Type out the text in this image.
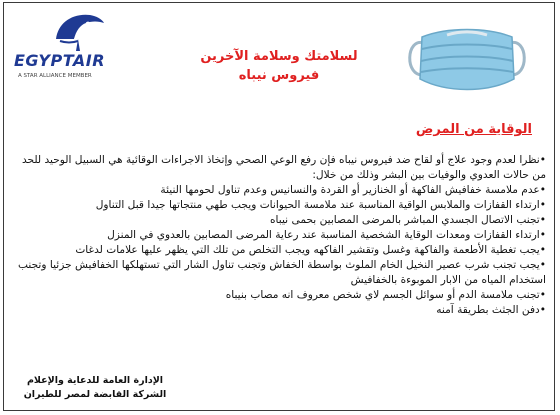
EGYPTAIR
A STAR ALLIANCE MEMBER
لسلامتك وسلامة الآخرين
فيروس نيباه
الوقاية من المرض

•نظرا لعدم وجود علاج أو لقاح ضد فيروس نيباه فإن رفع الوعي الصحي وإتخاذ الاجراءات الوقائية هي السبيل الوحيد للحد من حالات العدوي والوفيات بين البشر وذلك من خلال:

•عدم ملامسة خفافيش الفاكهة أو الخنازير أو القردة والنسانيس وعدم تناول لحومها النيئة

•ارتداء القفازات والملابس الواقية المناسبة عند ملامسة الحيوانات ويجب طهي منتجاتها جيدا قبل التناول

•تجنب الاتصال الجسدي المباشر بالمرضى المصابين بحمى نيباه

•ارتداء القفازات ومعدات الوقاية الشخصية المناسبة عند رعاية المرضى المصابين بالعدوي في المنزل

•يجب تغطية الأطعمة والفاكهة وغسل وتقشير الفاكهه ويجب التخلص من تلك التي يظهر عليها علامات لدغات

•يجب تجنب شرب عصير النخيل الخام الملوث بواسطة الخفاش وتجنب تناول الشار التي تستهلكها الخفافيش جزئيا وتجنب استخدام المياه من الابار الموبوءة بالخفافيش

•تجنب ملامسة الدم أو سوائل الجسم لاي شخص معروف انه مصاب بنيباه

•دفن الجثث بطريقة آمنه

الإدارة العامة للدعاية والإعلام
الشركة القابضة لمصر للطيران
